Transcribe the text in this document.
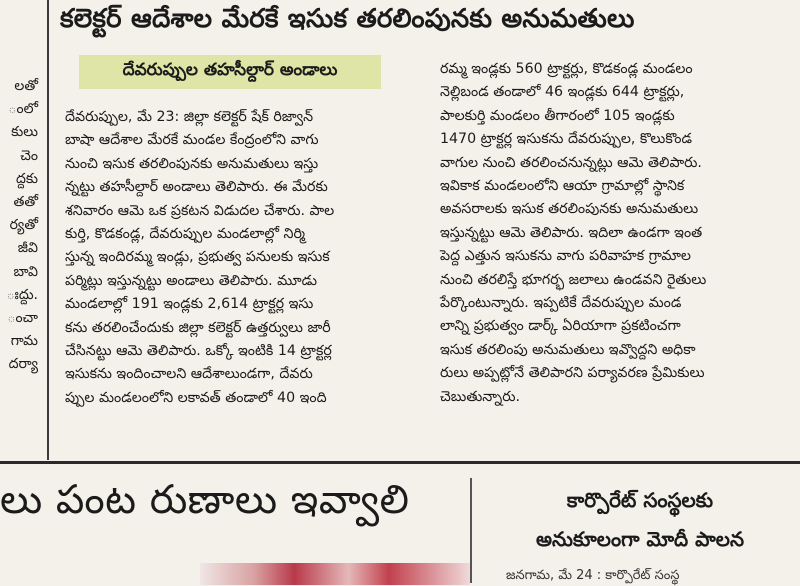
లతో
ంలో
కులు
చెం
ద్దకు
తతో
ర్యతో
జీవి
బావి
ఃద్దు.
ంచా
గామ
దర్యా
కలెక్టర్ ఆదేశాల మేరకే ఇసుక తరలింపునకు అనుమతులు
దేవరుప్పుల తహసీల్దార్ అండాలు
దేవరుప్పుల, మే 23: జిల్లా కలెక్టర్ షేక్ రిజ్వాన్
బాషా ఆదేశాల మేరకే మండల కేంద్రంలోని వాగు
నుంచి ఇసుక తరలింపునకు అనుమతులు ఇస్తు
న్నట్టు తహసీల్దార్ అండాలు తెలిపారు. ఈ మేరకు
శనివారం ఆమె ఒక ప్రకటన విడుదల చేశారు. పాల
కుర్తి, కొడకండ్ల, దేవరుప్పుల మండలాల్లో నిర్మి
స్తున్న ఇందిరమ్మ ఇండ్లు, ప్రభుత్వ పనులకు ఇసుక
పర్మిట్లు ఇస్తున్నట్టు అండాలు తెలిపారు. మూడు
మండలాల్లో 191 ఇండ్లకు 2,614 ట్రాక్టర్ల ఇసు
కను తరలించేందుకు జిల్లా కలెక్టర్ ఉత్తర్వులు జారీ
చేసినట్టు ఆమె తెలిపారు. ఒక్కో ఇంటికి 14 ట్రాక్టర్ల
ఇసుకను ఇందించాలని ఆదేశాలుండగా, దేవరు
ప్పుల మండలంలోని లకావత్ తండాలో 40 ఇంది
రమ్మ ఇండ్లకు 560 ట్రాక్టర్లు, కొడకండ్ల మండలం
నెల్లిబండ తండాలో 46 ఇండ్లకు 644 ట్రాక్టర్లు,
పాలకుర్తి మండలం తీగారంలో 105 ఇండ్లకు
1470 ట్రాక్టర్ల ఇసుకను దేవరుప్పుల, కొలుకొండ
వాగుల నుంచి తరలించనున్నట్లు ఆమె తెలిపారు.
ఇవికాక మండలంలోని ఆయా గ్రామాల్లో స్థానిక
అవసరాలకు ఇసుక తరలింపునకు అనుమతులు
ఇస్తున్నట్టు ఆమె తెలిపారు. ఇదిలా ఉండగా ఇంత
పెద్ద ఎత్తున ఇసుకను వాగు పరివాహక గ్రామాల
నుంచి తరలిస్తే భూగర్భ జలాలు ఉండవని రైతులు
పేర్కొంటున్నారు. ఇప్పటికే దేవరుప్పుల మండ
లాన్ని ప్రభుత్వం డార్క్ ఏరియాగా ప్రకటించగా
ఇసుక తరలింపు అనుమతులు ఇవ్వొద్దని అధికా
రులు అప్పట్లోనే తెలిపారని పర్యావరణ ప్రేమికులు
చెబుతున్నారు.
లు పంట రుణాలు ఇవ్వాలి	కార్పొరేట్ సంస్థలకు
అనుకూలంగా మోదీ పాలన
జనగామ, మే 24 : కార్పొరేట్ సంస్థ
